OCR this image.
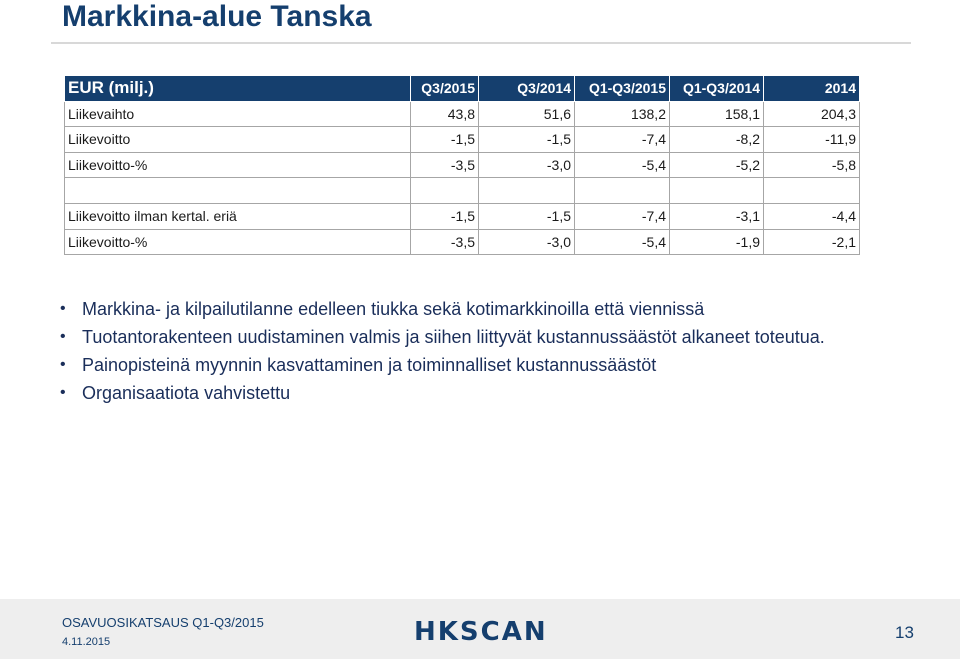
Markkina-alue Tanska
EUR (milj.)	Q3/2015	Q3/2014	Q1-Q3/2015	Q1-Q3/2014	2014
Liikevaihto	43,8	51,6	138,2	158,1	204,3
Liikevoitto	-1,5	-1,5	-7,4	-8,2	-11,9
Liikevoitto-%	-3,5	-3,0	-5,4	-5,2	-5,8

Liikevoitto ilman kertal. eriä	-1,5	-1,5	-7,4	-3,1	-4,4
Liikevoitto-%	-3,5	-3,0	-5,4	-1,9	-2,1
• Markkina- ja kilpailutilanne edelleen tiukka sekä kotimarkkinoilla että viennissä
• Tuotantorakenteen uudistaminen valmis ja siihen liittyvät kustannussäästöt alkaneet toteutua.
• Painopisteinä myynnin kasvattaminen ja toiminnalliset kustannussäästöt
• Organisaatiota vahvistettu
OSAVUOSIKATSAUS Q1-Q3/2015
4.11.2015	HKSCAN	13
